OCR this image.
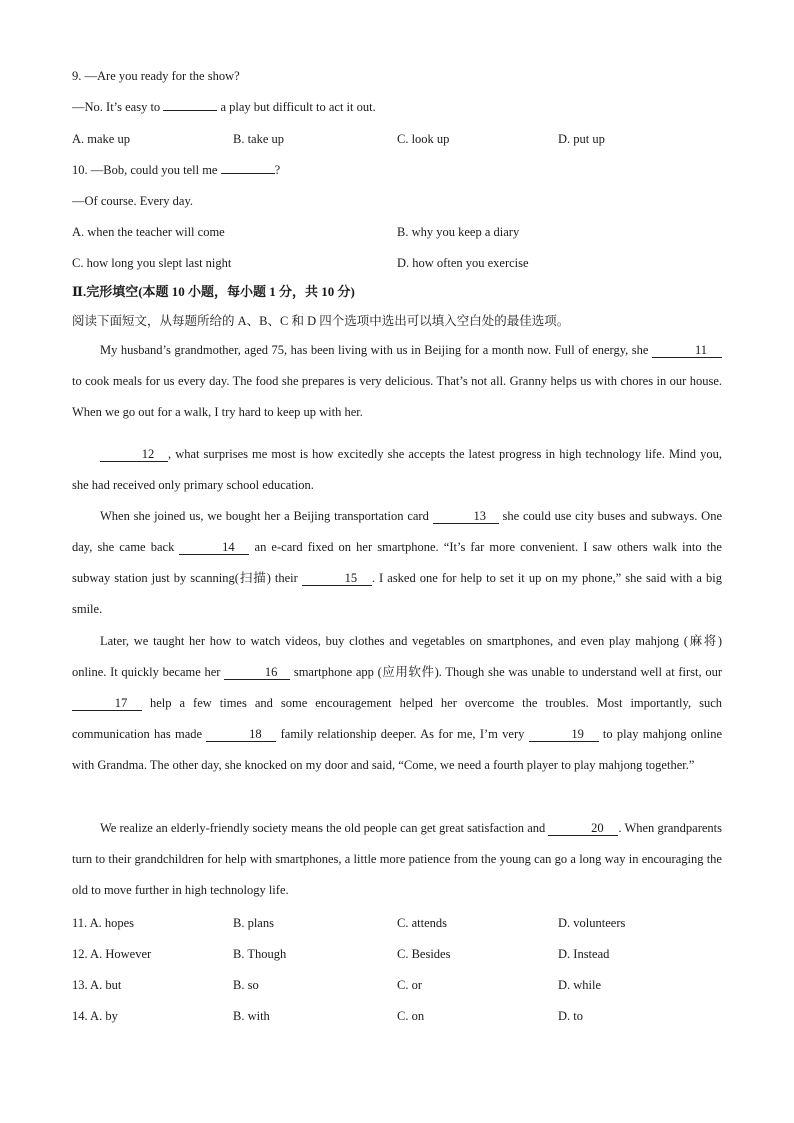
9. —Are you ready for the show?
—No. It’s easy to	a play but difficult to act it out.
A. make up	B. take up	C. look up	D. put up
10. —Bob, could you tell me	?
—Of course. Every day.
A. when the teacher will come	B. why you keep a diary
C. how long you slept last night	D. how often you exercise
Ⅱ.完形填空(本题 10 小题，每小题 1 分，共 10 分)
阅读下面短文，从每题所给的 A、B、C 和 D 四个选项中选出可以填入空白处的最佳选项。
My husband’s grandmother, aged 75, has been living with us in Beijing for a month now. Full of energy, she	11 to cook meals for us every day. The food she prepares is very delicious. That’s not all. Granny helps us with chores in our house. When we go out for a walk, I try hard to keep up with her.
12 , what surprises me most is how excitedly she accepts the latest progress in high technology life. Mind you, she had received only primary school education.
When she joined us, we bought her a Beijing transportation card	13 she could use city buses and subways. One day, she came back	14 an e-card fixed on her smartphone. “It’s far more convenient. I saw others walk into the subway station just by scanning(扫描) their	15 . I asked one for help to set it up on my phone,” she said with a big smile.
Later, we taught her how to watch videos, buy clothes and vegetables on smartphones, and even play mahjong (麻将) online. It quickly became her	16 smartphone app (应用软件). Though she was unable to understand well at first, our 17 help a few times and some encouragement helped her overcome the troubles. Most importantly, such communication has made	18 family relationship deeper. As for me, I’m very	19 to play mahjong online with Grandma. The other day, she knocked on my door and said, “Come, we need a fourth player to play mahjong together.”
We realize an elderly-friendly society means the old people can get great satisfaction and	20 . When grandparents turn to their grandchildren for help with smartphones, a little more patience from the young can go a long way in encouraging the old to move further in high technology life.
11. A. hopes	B. plans	C. attends	D. volunteers
12. A. However	B. Though	C. Besides	D. Instead
13. A. but	B. so	C. or	D. while
14. A. by	B. with	C. on	D. to
